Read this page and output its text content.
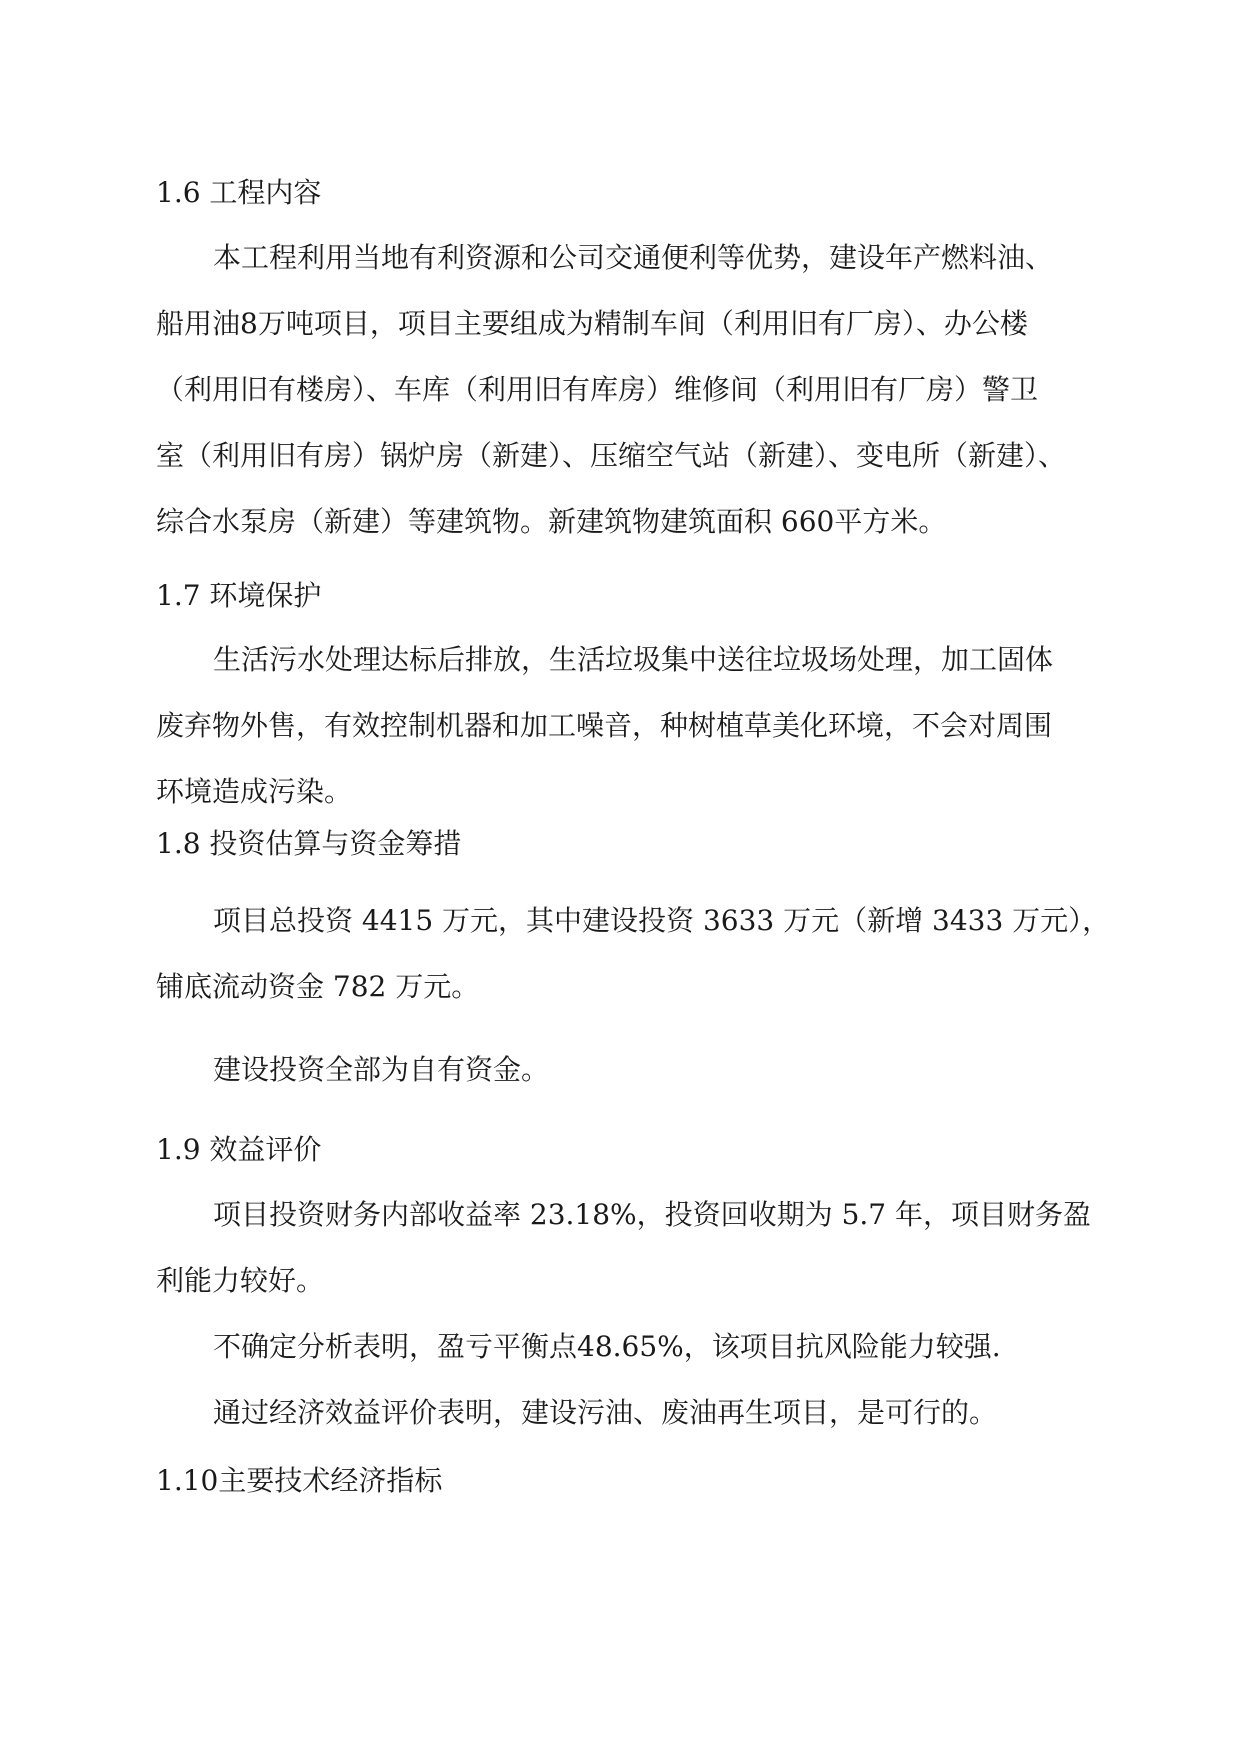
1.6 工程内容
本工程利用当地有利资源和公司交通便利等优势，建设年产燃料油、
船用油8万吨项目，项目主要组成为精制车间（利用旧有厂房）、办公楼
（利用旧有楼房）、车库（利用旧有库房）维修间（利用旧有厂房）警卫
室（利用旧有房）锅炉房（新建）、压缩空气站（新建）、变电所（新建）、
综合水泵房（新建）等建筑物。新建筑物建筑面积 660平方米。
1.7 环境保护
生活污水处理达标后排放，生活垃圾集中送往垃圾场处理，加工固体
废弃物外售，有效控制机器和加工噪音，种树植草美化环境，不会对周围
环境造成污染。
1.8 投资估算与资金筹措
项目总投资 4415 万元，其中建设投资 3633 万元（新增 3433 万元），
铺底流动资金 782 万元。
建设投资全部为自有资金。
1.9 效益评价
项目投资财务内部收益率 23.18%，投资回收期为 5.7 年，项目财务盈
利能力较好。
不确定分析表明，盈亏平衡点48.65%，该项目抗风险能力较强.
通过经济效益评价表明，建设污油、废油再生项目，是可行的。
1.10主要技术经济指标
